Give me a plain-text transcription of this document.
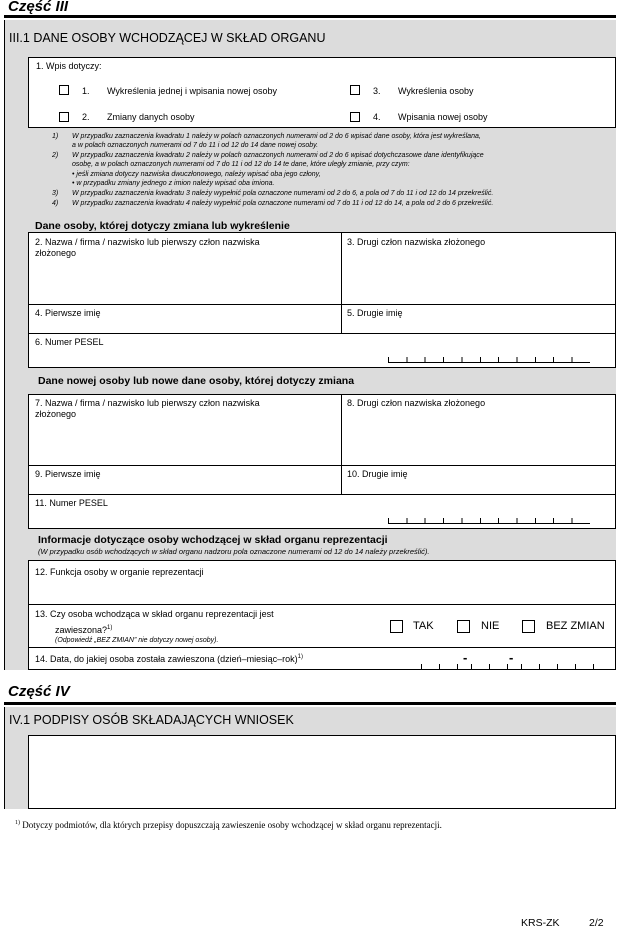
Część III
III.1 DANE OSOBY WCHODZĄCEJ W SKŁAD ORGANU
1. Wpis dotyczy:
1. Wykreślenia jednej i wpisania nowej osoby	3. Wykreślenia osoby
2. Zmiany danych osoby	4. Wpisania nowej osoby
1) W przypadku zaznaczenia kwadratu 1 należy w polach oznaczonych numerami od 2 do 6 wpisać dane osoby, która jest wykreślana,
a w polach oznaczonych numerami od 7 do 11 i od 12 do 14 dane nowej osoby.
2) W przypadku zaznaczenia kwadratu 2 należy w polach oznaczonych numerami od 2 do 6 wpisać dotychczasowe dane identyfikujące
osobę, a w polach oznaczonych numerami od 7 do 11 i od 12 do 14 te dane, które uległy zmianie, przy czym:
• jeśli zmiana dotyczy nazwiska dwuczłonowego, należy wpisać oba jego człony,
• w przypadku zmiany jednego z imion należy wpisać oba imiona.
3) W przypadku zaznaczenia kwadratu 3 należy wypełnić pola oznaczone numerami od 2 do 6, a pola od 7 do 11 i od 12 do 14 przekreślić.
4) W przypadku zaznaczenia kwadratu 4 należy wypełnić pola oznaczone numerami od 7 do 11 i od 12 do 14, a pola od 2 do 6 przekreślić.
Dane osoby, której dotyczy zmiana lub wykreślenie
2. Nazwa / firma / nazwisko lub pierwszy człon nazwiska
złożonego
3. Drugi człon nazwiska złożonego
4. Pierwsze imię	5. Drugie imię
6. Numer PESEL
Dane nowej osoby lub nowe dane osoby, której dotyczy zmiana
7. Nazwa / firma / nazwisko lub pierwszy człon nazwiska
złożonego
8. Drugi człon nazwiska złożonego
9. Pierwsze imię	10. Drugie imię
11. Numer PESEL
Informacje dotyczące osoby wchodzącej w skład organu reprezentacji
(W przypadku osób wchodzących w skład organu nadzoru pola oznaczone numerami od 12 do 14 należy przekreślić).
12. Funkcja osoby w organie reprezentacji
13. Czy osoba wchodząca w skład organu reprezentacji jest
zawieszona?$^{1)}$
(Odpowiedź „BEZ ZMIAN” nie dotyczy nowej osoby).
TAK	NIE	BEZ ZMIAN
14. Data, do jakiej osoba została zawieszona (dzień–miesiąc–rok)$^{1)}$	-	-
Część IV
IV.1 PODPISY OSÓB SKŁADAJĄCYCH WNIOSEK
$^{1)}$ Dotyczy podmiotów, dla których przepisy dopuszczają zawieszenie osoby wchodzącej w skład organu reprezentacji.
KRS-ZK	2/2
